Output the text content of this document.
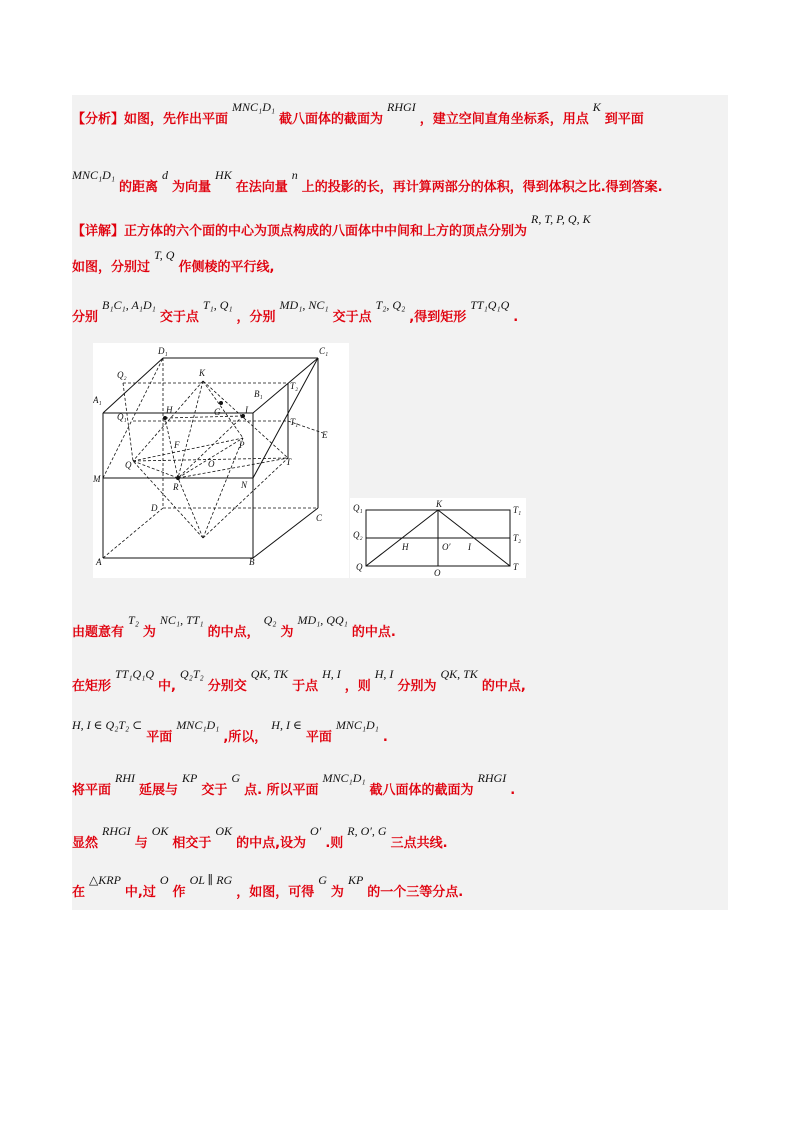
【分析】如图，先作出平面MNC₁D₁截八面体的截面为RHGI，建立空间直角坐标系，用点K到平面
MNC₁D₁的距离d为向量HK在法向量n上的投影的长，再计算两部分的体积，得到体积之比.得到答案.
【详解】正方体的六个面的中心为顶点构成的八面体中中间和上方的顶点分别为R, T, P, Q, K
如图，分别过T, Q作侧棱的平行线,
分别B₁C₁, A₁D₁交于点T₁, Q₁，分别MD₁, NC₁交于点T₂, Q₂,得到矩形TT₁Q₁Q.
D₁	C₁
Q₂	K
B₁
T₂
A₁
Q₁
H	G	I
T₁
E
F	P
Q	O	T
M
R	N
D
C
A	B
Q₁	K
T₁
Q₂	T₂
H	O′ I
Q
O
T
由题意有T₂为NC₁, TT₁的中点，Q₂为MD₁, QQ₁的中点.
在矩形TT₁Q₁Q中,Q₂T₂分别交QK, TK于点H, I，则H, I分别为QK, TK的中点,
H, I ∈ Q₂T₂ ⊂平面MNC₁D₁,所以，H, I ∈平面MNC₁D₁.
将平面RHI延展与KP交于G点. 所以平面MNC₁D₁截八面体的截面为RHGI.
显然RHGI与OK相交于OK的中点,设为O′.则R, O′, G三点共线.
在△KRP中,过O作OL ∥ RG，如图，可得G为KP的一个三等分点.
